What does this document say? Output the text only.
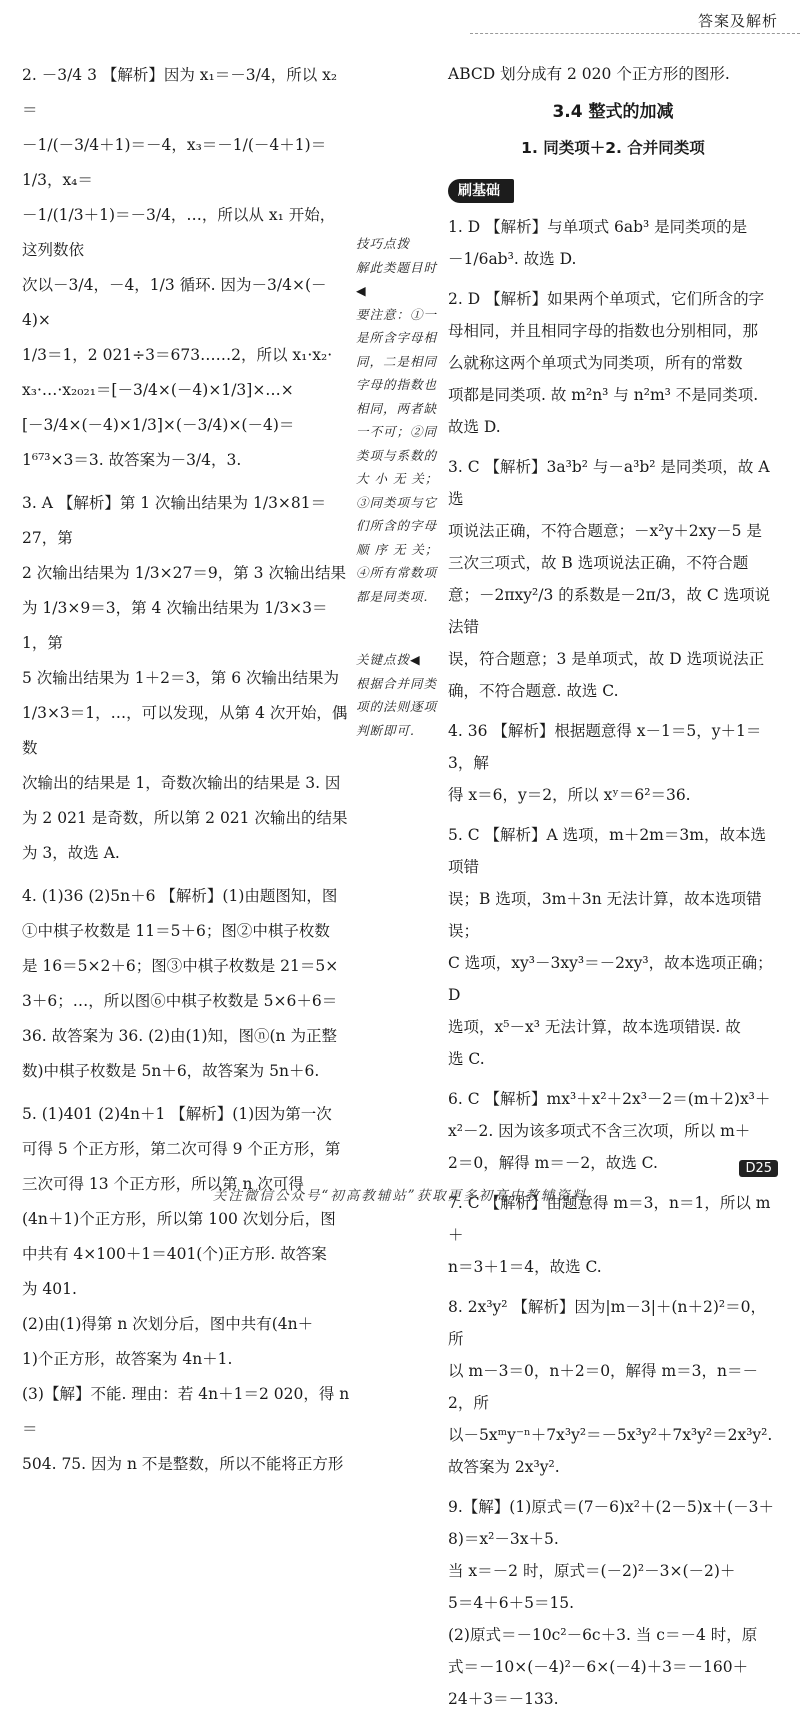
答案及解析

2. －3/4 3 【解析】因为 x₁＝－3/4，所以 x₂＝

－1/(－3/4＋1)＝－4，x₃＝－1/(－4＋1)＝1/3，x₄＝

－1/(1/3＋1)＝－3/4，…，所以从 x₁ 开始，这列数依

次以－3/4，－4，1/3 循环. 因为－3/4×(－4)×

1/3＝1，2 021÷3＝673……2，所以 x₁·x₂·

x₃·…·x₂₀₂₁＝[－3/4×(－4)×1/3]×…×

[－3/4×(－4)×1/3]×(－3/4)×(－4)＝

1⁶⁷³×3＝3. 故答案为－3/4，3.

3. A 【解析】第 1 次输出结果为 1/3×81＝27，第

2 次输出结果为 1/3×27＝9，第 3 次输出结果

为 1/3×9＝3，第 4 次输出结果为 1/3×3＝1，第

5 次输出结果为 1＋2＝3，第 6 次输出结果为

1/3×3＝1，…，可以发现，从第 4 次开始，偶数

次输出的结果是 1，奇数次输出的结果是 3. 因

为 2 021 是奇数，所以第 2 021 次输出的结果

为 3，故选 A.

4. (1)36 (2)5n＋6 【解析】(1)由题图知，图

①中棋子枚数是 11＝5＋6；图②中棋子枚数

是 16＝5×2＋6；图③中棋子枚数是 21＝5×

3＋6；…，所以图⑥中棋子枚数是 5×6＋6＝

36. 故答案为 36. (2)由(1)知，图ⓝ(n 为正整

数)中棋子枚数是 5n＋6，故答案为 5n＋6.

5. (1)401 (2)4n＋1 【解析】(1)因为第一次

可得 5 个正方形，第二次可得 9 个正方形，第

三次可得 13 个正方形，所以第 n 次可得

(4n＋1)个正方形，所以第 100 次划分后，图

中共有 4×100＋1＝401(个)正方形. 故答案

为 401.

(2)由(1)得第 n 次划分后，图中共有(4n＋

1)个正方形，故答案为 4n＋1.

(3)【解】不能. 理由：若 4n＋1＝2 020，得 n＝

504. 75. 因为 n 不是整数，所以不能将正方形

技巧点拨
解此类题目时◀
要注意：①一
是所含字母相
同，二是相同
字母的指数也
相同，两者缺
一不可；②同
类项与系数的
大 小 无 关；
③同类项与它
们所含的字母
顺 序 无 关；
④所有常数项
都是同类项.
关键点拨◀
根据合并同类
项的法则逐项
判断即可.

ABCD 划分成有 2 020 个正方形的图形.

3.4 整式的加减
1. 同类项＋2. 合并同类项
刷基础

1. D 【解析】与单项式 6ab³ 是同类项的是

－1/6ab³. 故选 D.

2. D 【解析】如果两个单项式，它们所含的字

母相同，并且相同字母的指数也分别相同，那

么就称这两个单项式为同类项，所有的常数

项都是同类项. 故 m²n³ 与 n²m³ 不是同类项.

故选 D.

3. C 【解析】3a³b² 与－a³b² 是同类项，故 A 选

项说法正确，不符合题意；－x²y＋2xy－5 是

三次三项式，故 B 选项说法正确，不符合题

意；－2πxy²/3 的系数是－2π/3，故 C 选项说法错

误，符合题意；3 是单项式，故 D 选项说法正

确，不符合题意. 故选 C.

4. 36 【解析】根据题意得 x－1＝5，y＋1＝3，解

得 x＝6，y＝2，所以 xʸ＝6²＝36.

5. C 【解析】A 选项，m＋2m＝3m，故本选项错

误；B 选项，3m＋3n 无法计算，故本选项错误；

C 选项，xy³－3xy³＝－2xy³，故本选项正确；D

选项，x⁵－x³ 无法计算，故本选项错误. 故

选 C.

6. C 【解析】mx³＋x²＋2x³－2＝(m＋2)x³＋

x²－2. 因为该多项式不含三次项，所以 m＋

2＝0，解得 m＝－2，故选 C.

7. C 【解析】由题意得 m＝3，n＝1，所以 m＋

n＝3＋1＝4，故选 C.

8. 2x³y² 【解析】因为|m－3|＋(n＋2)²＝0，所

以 m－3＝0，n＋2＝0，解得 m＝3，n＝－2，所

以－5xᵐy⁻ⁿ＋7x³y²＝－5x³y²＋7x³y²＝2x³y².

故答案为 2x³y².

9.【解】(1)原式＝(7－6)x²＋(2－5)x＋(－3＋

8)＝x²－3x＋5.

当 x＝－2 时，原式＝(－2)²－3×(－2)＋

5＝4＋6＋5＝15.

(2)原式＝－10c²－6c＋3. 当 c＝－4 时，原

式＝－10×(－4)²－6×(－4)＋3＝－160＋

24＋3＝－133.

D25
关注微信公众号“初高教辅站”获取更多初高中教辅资料
